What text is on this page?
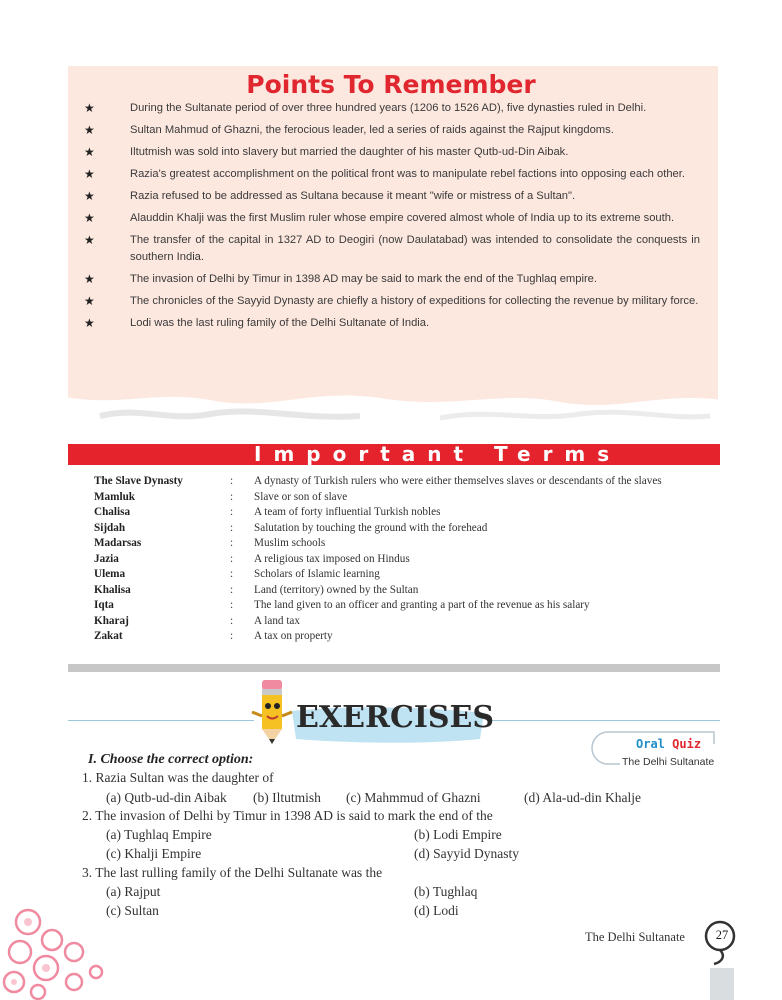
Points To Remember
★	During the Sultanate period of over three hundred years (1206 to 1526 AD), five dynasties ruled in Delhi.
★	Sultan Mahmud of Ghazni, the ferocious leader, led a series of raids against the Rajput kingdoms.
★	Iltutmish was sold into slavery but married the daughter of his master Qutb-ud-Din Aibak.
★	Razia's greatest accomplishment on the political front was to manipulate rebel factions into opposing each other.
★	Razia refused to be addressed as Sultana because it meant "wife or mistress of a Sultan".
★	Alauddin Khalji was the first Muslim ruler whose empire covered almost whole of India up to its extreme south.
★	The transfer of the capital in 1327 AD to Deogiri (now Daulatabad) was intended to consolidate the conquests in southern India.
★	The invasion of Delhi by Timur in 1398 AD may be said to mark the end of the Tughlaq empire.
★	The chronicles of the Sayyid Dynasty are chiefly a history of expeditions for collecting the revenue by military force.
★	Lodi was the last ruling family of the Delhi Sultanate of India.
Important Terms
The Slave Dynasty	:	A dynasty of Turkish rulers who were either themselves slaves or descendants of the slaves
Mamluk	:	Slave or son of slave
Chalisa	:	A team of forty influential Turkish nobles
Sijdah	:	Salutation by touching the ground with the forehead
Madarsas	:	Muslim schools
Jazia	:	A religious tax imposed on Hindus
Ulema	:	Scholars of Islamic learning
Khalisa	:	Land (territory) owned by the Sultan
Iqta	:	The land given to an officer and granting a part of the revenue as his salary
Kharaj	:	A land tax
Zakat	:	A tax on property
EXERCISES
Oral Quiz
The Delhi Sultanate
I. Choose the correct option:
1. Razia Sultan was the daughter of
(a) Qutb-ud-din Aibak (b) Iltutmish (c) Mahmmud of Ghazni	(d) Ala-ud-din Khalje
2. The invasion of Delhi by Timur in 1398 AD is said to mark the end of the
(a) Tughlaq Empire	(b) Lodi Empire
(c) Khalji Empire	(d) Sayyid Dynasty
3. The last rulling family of the Delhi Sultanate was the
(a) Rajput	(b) Tughlaq
(c) Sultan	(d) Lodi
The Delhi Sultanate	27
